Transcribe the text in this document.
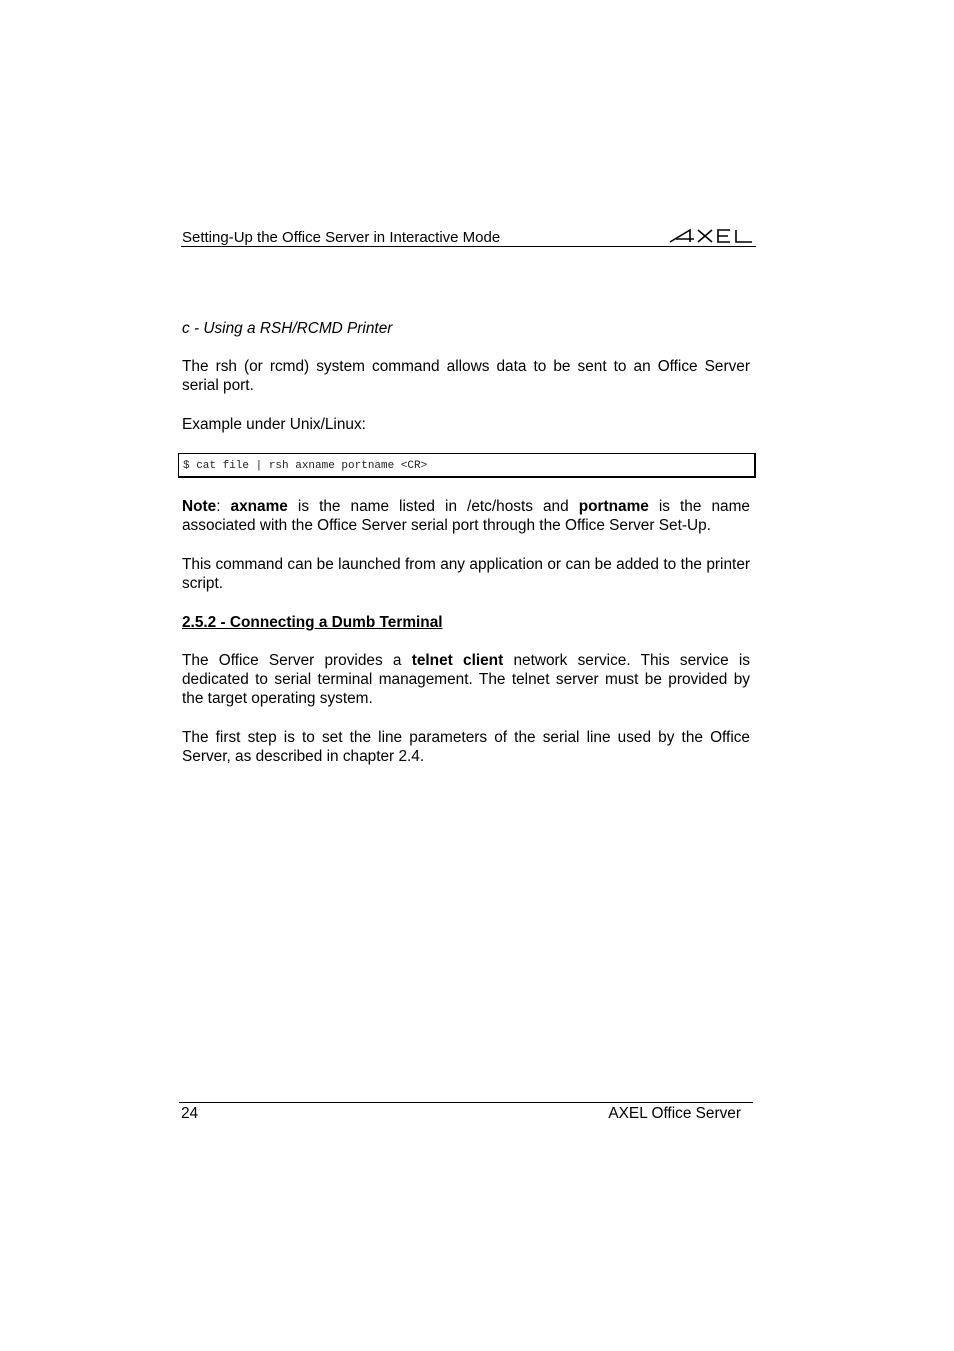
Setting-Up the Office Server in Interactive Mode
c - Using a RSH/RCMD Printer
The rsh (or rcmd) system command allows data to be sent to an Office Server serial port.
Example under Unix/Linux:
$ cat file | rsh axname portname <CR>
Note: axname is the name listed in /etc/hosts and portname is the name associated with the Office Server serial port through the Office Server Set-Up.
This command can be launched from any application or can be added to the printer script.
2.5.2 - Connecting a Dumb Terminal
The Office Server provides a telnet client network service. This service is dedicated to serial terminal management. The telnet server must be provided by the target operating system.
The first step is to set the line parameters of the serial line used by the Office Server, as described in chapter 2.4.
24	AXEL Office Server
